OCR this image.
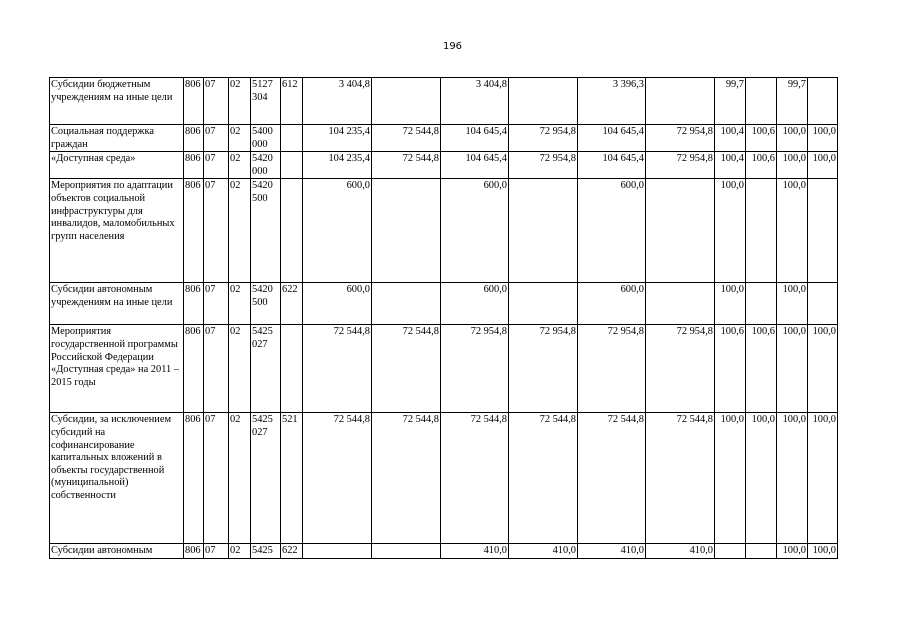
196
Субсидии бюджетным учреждениям на иные цели	806	07	02	5127 304	612	3 404,8		3 404,8		3 396,3		99,7		99,7	
Социальная поддержка граждан	806	07	02	5400 000		104 235,4	72 544,8	104 645,4	72 954,8	104 645,4	72 954,8	100,4	100,6	100,0	100,0
«Доступная среда»	806	07	02	5420 000		104 235,4	72 544,8	104 645,4	72 954,8	104 645,4	72 954,8	100,4	100,6	100,0	100,0
Мероприятия по адаптации объектов социальной инфраструктуры для инвалидов, маломобильных групп населения	806	07	02	5420 500		600,0		600,0		600,0		100,0		100,0	
Субсидии автономным учреждениям на иные цели	806	07	02	5420 500	622	600,0		600,0		600,0		100,0		100,0	
Мероприятия государственной программы Российской Федерации «Доступная среда» на 2011 – 2015 годы	806	07	02	5425 027		72 544,8	72 544,8	72 954,8	72 954,8	72 954,8	72 954,8	100,6	100,6	100,0	100,0
Субсидии, за исключением субсидий на софинансирование капитальных вложений в объекты государственной (муниципальной) собственности	806	07	02	5425 027	521	72 544,8	72 544,8	72 544,8	72 544,8	72 544,8	72 544,8	100,0	100,0	100,0	100,0
Субсидии автономным	806	07	02	5425	622			410,0	410,0	410,0	410,0			100,0	100,0
